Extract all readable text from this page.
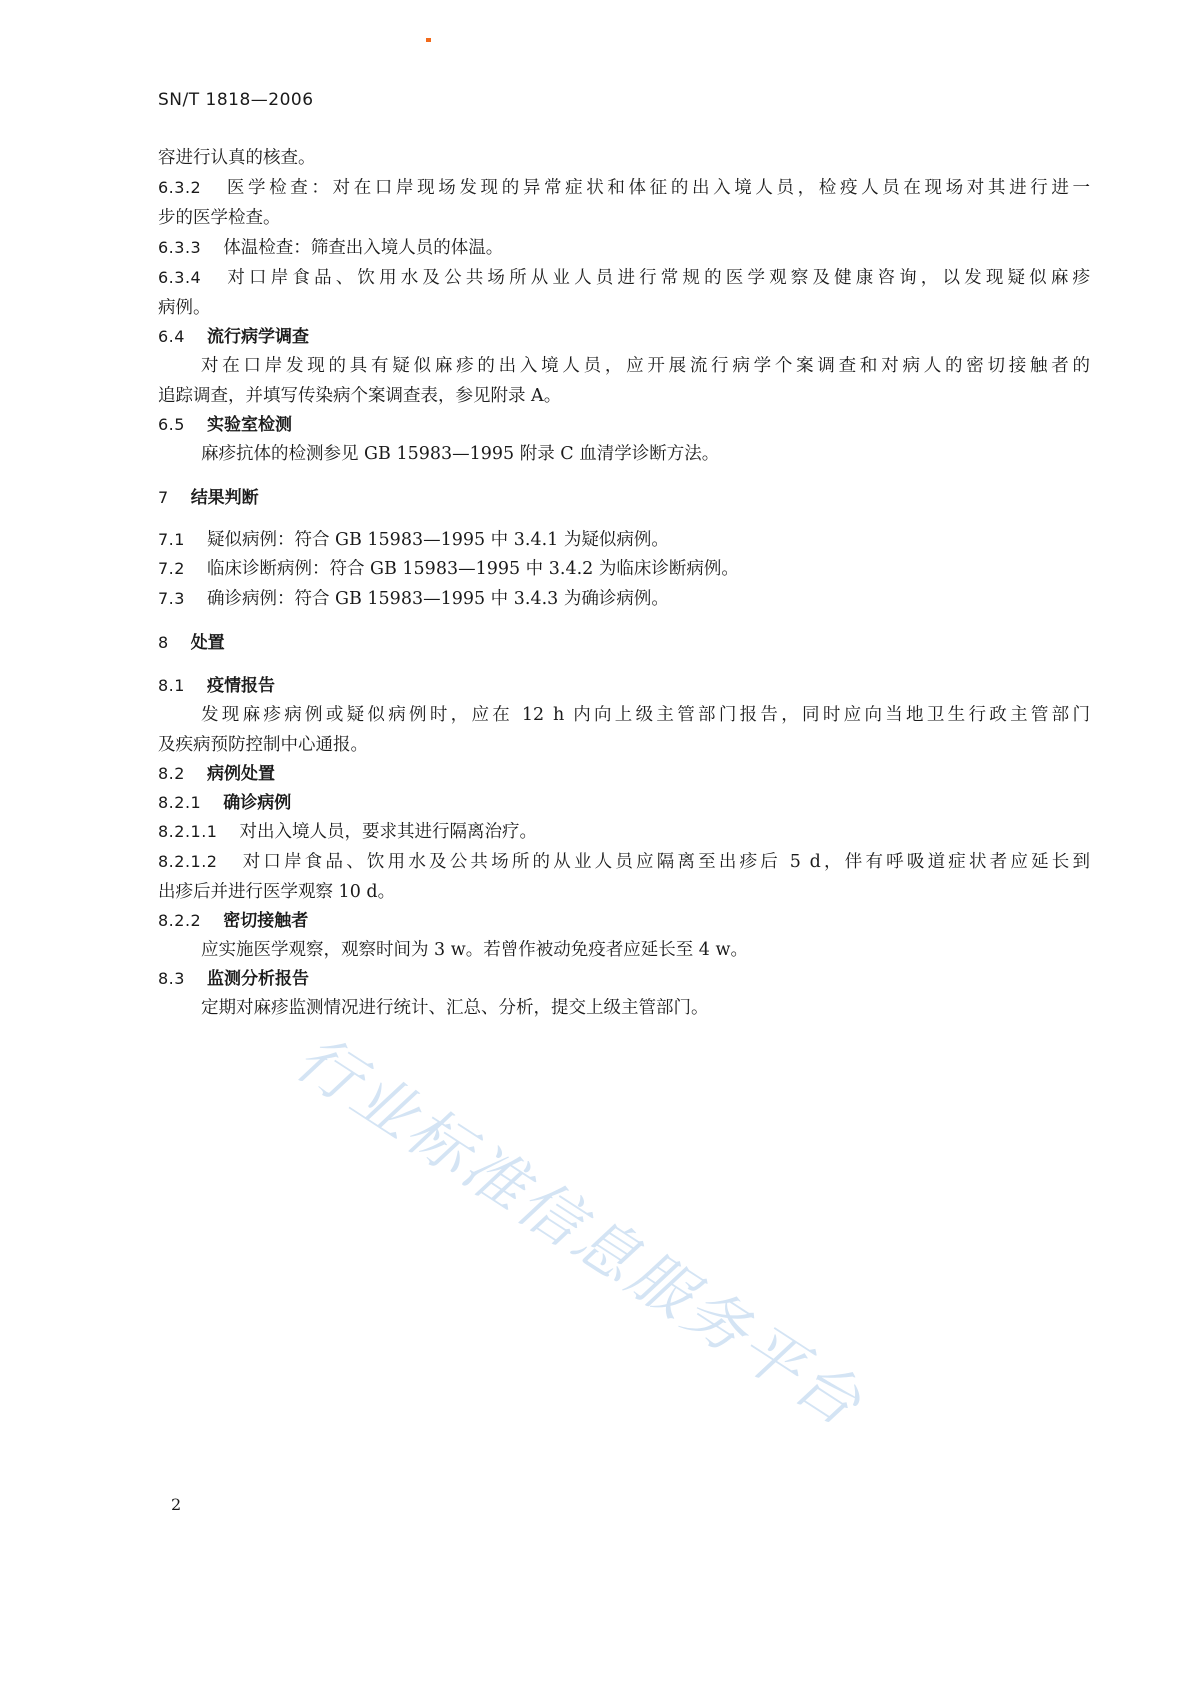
SN/T 1818—2006
容进行认真的核查。
6.3.2 医学检查：对在口岸现场发现的异常症状和体征的出入境人员，检疫人员在现场对其进行进一
步的医学检查。
6.3.3 体温检查：筛查出入境人员的体温。
6.3.4 对口岸食品、饮用水及公共场所从业人员进行常规的医学观察及健康咨询，以发现疑似麻疹
病例。
6.4 流行病学调查
对在口岸发现的具有疑似麻疹的出入境人员，应开展流行病学个案调查和对病人的密切接触者的
追踪调查，并填写传染病个案调查表，参见附录 A。
6.5 实验室检测
麻疹抗体的检测参见 GB 15983—1995 附录 C 血清学诊断方法。
7 结果判断
7.1 疑似病例：符合 GB 15983—1995 中 3.4.1 为疑似病例。
7.2 临床诊断病例：符合 GB 15983—1995 中 3.4.2 为临床诊断病例。
7.3 确诊病例：符合 GB 15983—1995 中 3.4.3 为确诊病例。
8 处置
8.1 疫情报告
发现麻疹病例或疑似病例时，应在 12 h 内向上级主管部门报告，同时应向当地卫生行政主管部门
及疾病预防控制中心通报。
8.2 病例处置
8.2.1 确诊病例
8.2.1.1 对出入境人员，要求其进行隔离治疗。
8.2.1.2 对口岸食品、饮用水及公共场所的从业人员应隔离至出疹后 5 d，伴有呼吸道症状者应延长到
出疹后并进行医学观察 10 d。
8.2.2 密切接触者
应实施医学观察，观察时间为 3 w。若曾作被动免疫者应延长至 4 w。
8.3 监测分析报告
定期对麻疹监测情况进行统计、汇总、分析，提交上级主管部门。
行业标准信息服务平台
2
